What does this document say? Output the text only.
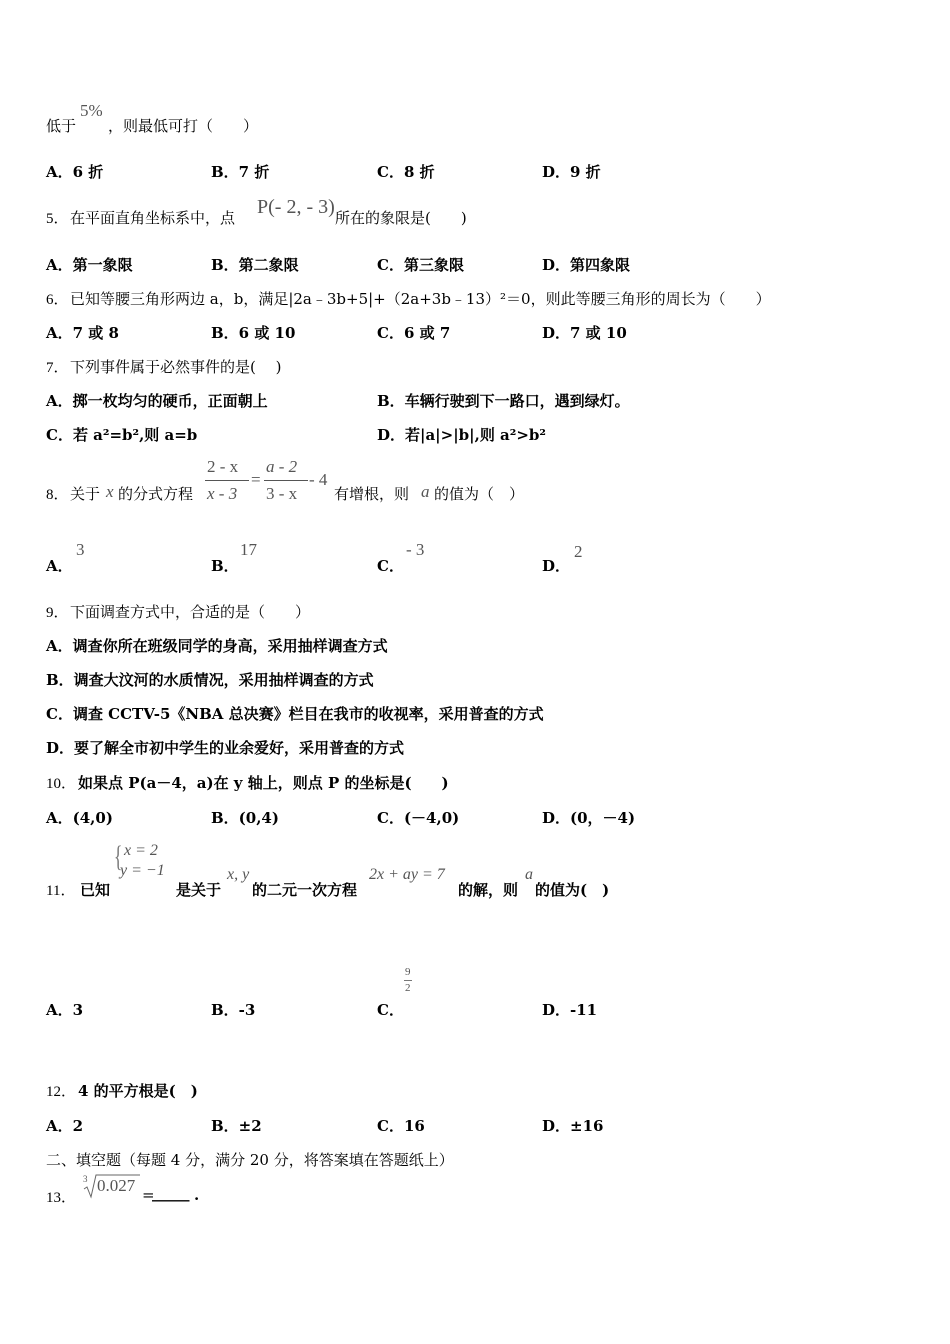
低于
5%
，则最低可打（　　）
A．6 折	B．7 折	C．8 折	D．9 折
5． 在平面直角坐标系中，点 P(- 2, - 3) 所在的象限是(　　)
A．第一象限	B．第二象限	C．第三象限	D．第四象限
6． 已知等腰三角形两边 a，b，满足|2a﹣3b+5|+（2a+3b﹣13）²＝0，则此等腰三角形的周长为（　　）
A．7 或 8	B．6 或 10	C．6 或 7	D．7 或 10
7． 下列事件属于必然事件的是(　 )
A．掷一枚均匀的硬币，正面朝上	B．车辆行驶到下一路口，遇到绿灯。
C．若 a²=b²,则 a=b	D．若|a|>|b|,则 a²>b²
8． 关于 x 的分式方程
2 - x
x - 3
=
a - 2
3 - x
- 4
有增根，则 a 的值为（　）
A．
3
B．
17
C．
- 3
D．
2
9． 下面调查方式中，合适的是（　　）
A．调查你所在班级同学的身高，采用抽样调查方式
B．调查大汶河的水质情况，采用抽样调查的方式
C．调查 CCTV-5《NBA 总决赛》栏目在我市的收视率，采用普查的方式
D．要了解全市初中学生的业余爱好，采用普查的方式
10． 如果点 P(a－4，a)在 y 轴上，则点 P 的坐标是(　　)
A．(4,0)	B．(0,4)	C．(－4,0)	D．(0，－4)
11． 已知
{ x = 2
y = −1
是关于
x, y
的二元一次方程
2x + ay = 7
的解，则
a
的值为(　)
A．3	B．-3	C．
9
2
D．-11
12． 4 的平方根是(　)
A．2	B．±2	C．16	D．±16
二、填空题（每题 4 分，满分 20 分，将答案填在答题纸上）
13．
3 0.027 =
_____ .
